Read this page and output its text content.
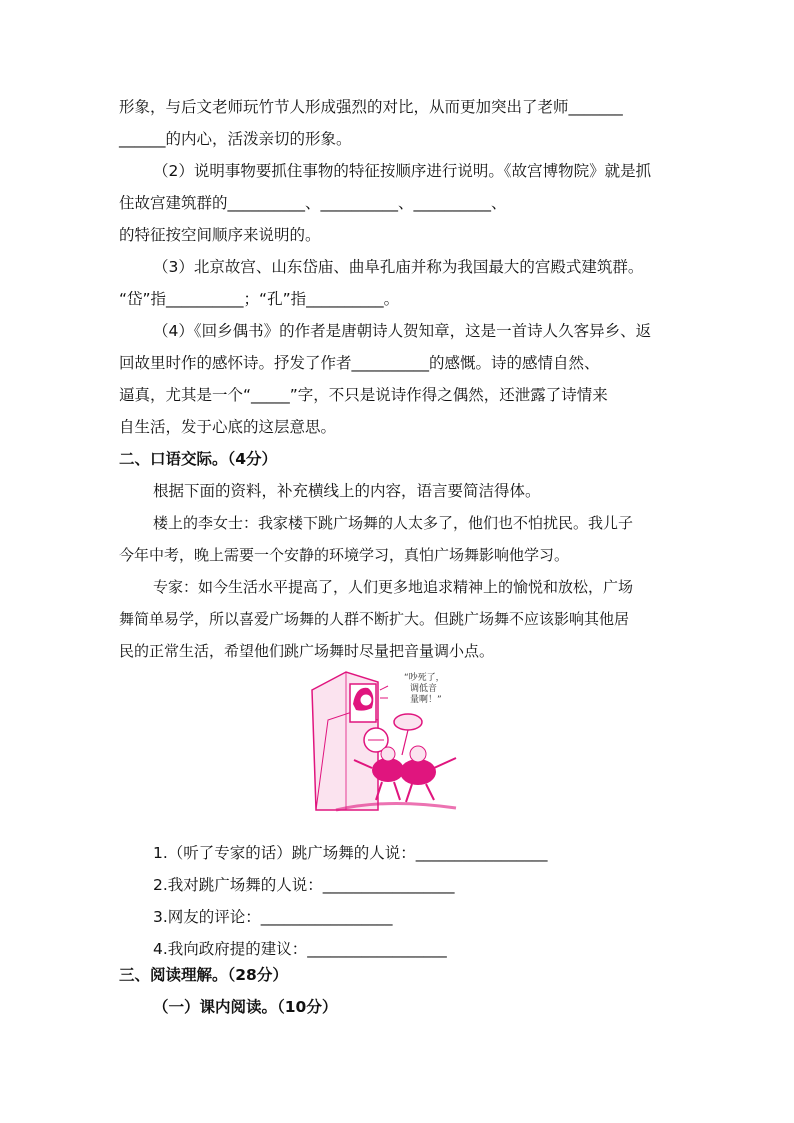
形象，与后文老师玩竹节人形成强烈的对比，从而更加突出了老师_______
______的内心，活泼亲切的形象。
（2）说明事物要抓住事物的特征按顺序进行说明。《故宫博物院》就是抓
住故宫建筑群的__________、__________、__________、
的特征按空间顺序来说明的。
（3）北京故宫、山东岱庙、曲阜孔庙并称为我国最大的宫殿式建筑群。
“岱”指__________；“孔”指__________。
（4）《回乡偶书》的作者是唐朝诗人贺知章，这是一首诗人久客异乡、返
回故里时作的感怀诗。抒发了作者__________的感慨。诗的感情自然、
逼真，尤其是一个“_____”字，不只是说诗作得之偶然，还泄露了诗情来
自生活，发于心底的这层意思。
二、口语交际。（4分）
根据下面的资料，补充横线上的内容，语言要简洁得体。
楼上的李女士：我家楼下跳广场舞的人太多了，他们也不怕扰民。我儿子
今年中考，晚上需要一个安静的环境学习，真怕广场舞影响他学习。
专家：如今生活水平提高了，人们更多地追求精神上的愉悦和放松，广场
舞简单易学，所以喜爱广场舞的人群不断扩大。但跳广场舞不应该影响其他居
民的正常生活，希望他们跳广场舞时尽量把音量调小点。
“吵死了，
调低音
量啊！”
1.（听了专家的话）跳广场舞的人说：_________________
2.我对跳广场舞的人说：_________________
3.网友的评论：_________________
4.我向政府提的建议：__________________
三、阅读理解。（28分）
（一）课内阅读。（10分）
